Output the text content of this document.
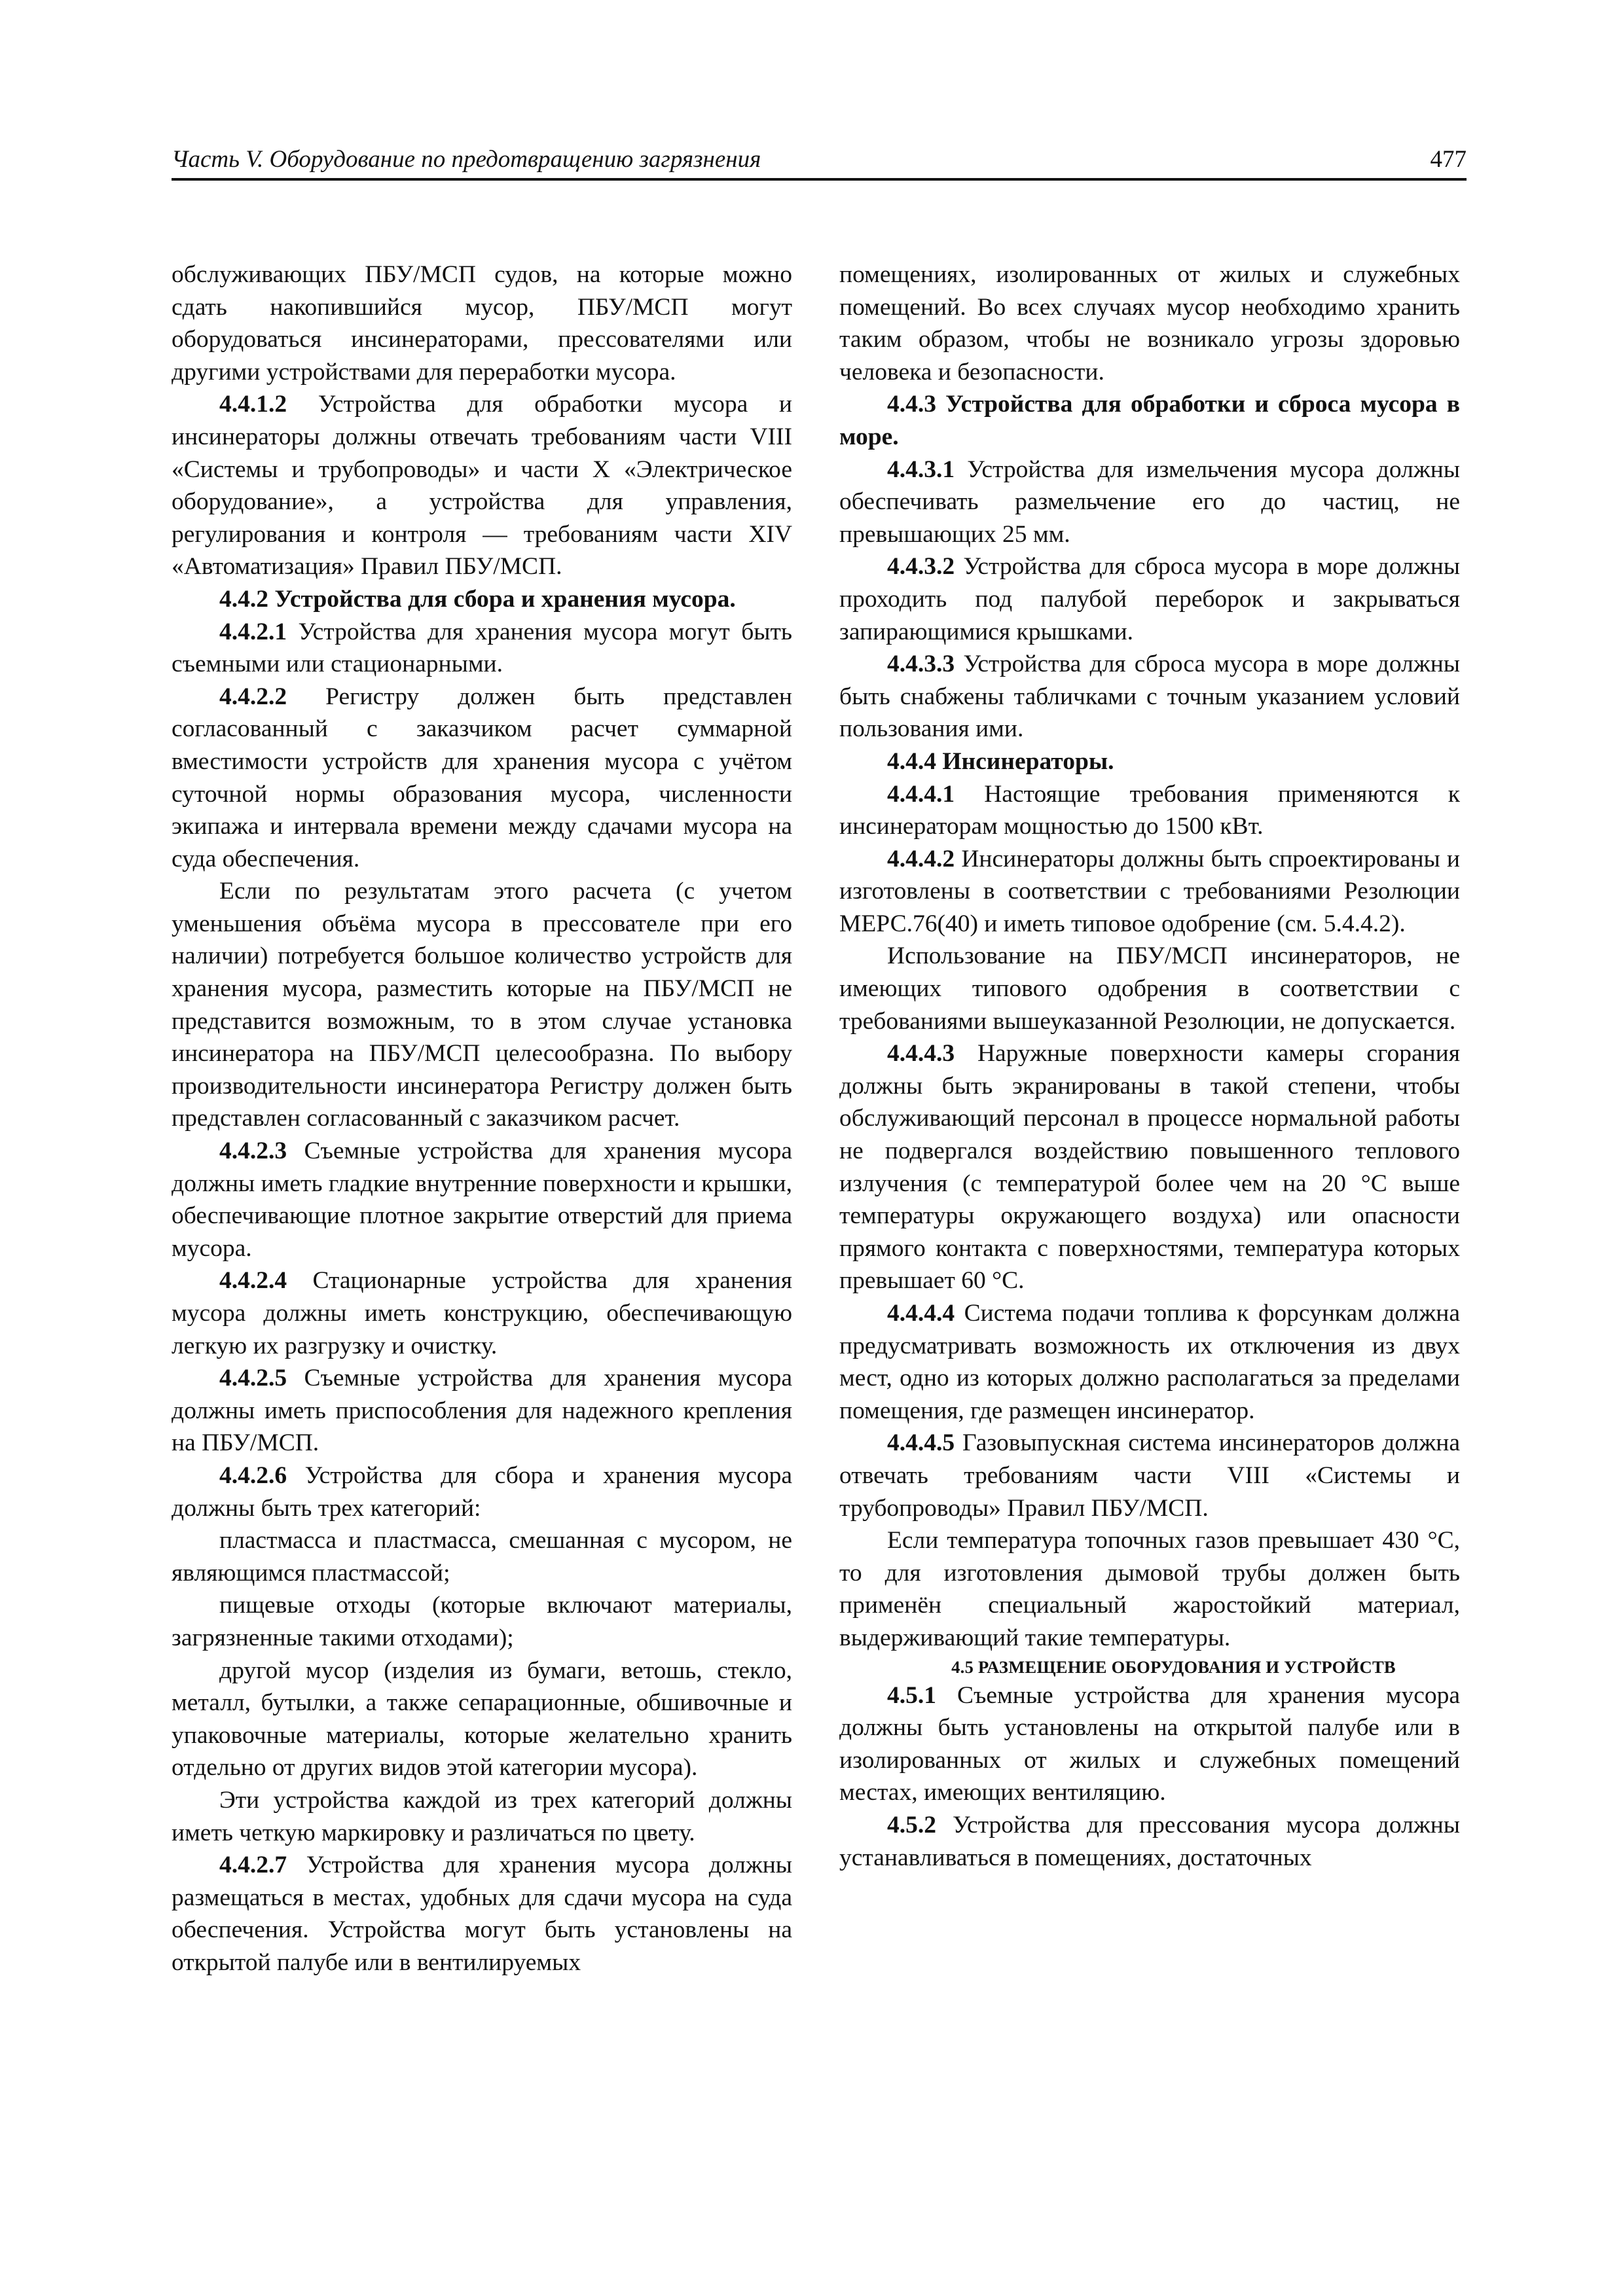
Часть V. Оборудование по предотвращению загрязнения	477

обслуживающих ПБУ/МСП судов, на которые можно сдать накопившийся мусор, ПБУ/МСП могут оборудоваться инсинераторами, прессователями или другими устройствами для переработки мусора.

4.4.1.2 Устройства для обработки мусора и инсинераторы должны отвечать требованиям части VIII «Системы и трубопроводы» и части X «Электрическое оборудование», а устройства для управления, регулирования и контроля — требованиям части XIV «Автоматизация» Правил ПБУ/МСП.

4.4.2 Устройства для сбора и хранения мусора.

4.4.2.1 Устройства для хранения мусора могут быть съемными или стационарными.

4.4.2.2 Регистру должен быть представлен согласованный с заказчиком расчет суммарной вместимости устройств для хранения мусора с учётом суточной нормы образования мусора, численности экипажа и интервала времени между сдачами мусора на суда обеспечения.

Если по результатам этого расчета (с учетом уменьшения объёма мусора в прессователе при его наличии) потребуется большое количество устройств для хранения мусора, разместить которые на ПБУ/МСП не представится возможным, то в этом случае установка инсинератора на ПБУ/МСП целесообразна. По выбору производительности инсинератора Регистру должен быть представлен согласованный с заказчиком расчет.

4.4.2.3 Съемные устройства для хранения мусора должны иметь гладкие внутренние поверхности и крышки, обеспечивающие плотное закрытие отверстий для приема мусора.

4.4.2.4 Стационарные устройства для хранения мусора должны иметь конструкцию, обеспечивающую легкую их разгрузку и очистку.

4.4.2.5 Съемные устройства для хранения мусора должны иметь приспособления для надежного крепления на ПБУ/МСП.

4.4.2.6 Устройства для сбора и хранения мусора должны быть трех категорий:

пластмасса и пластмасса, смешанная с мусором, не являющимся пластмассой;

пищевые отходы (которые включают материалы, загрязненные такими отходами);

другой мусор (изделия из бумаги, ветошь, стекло, металл, бутылки, а также сепарационные, обшивочные и упаковочные материалы, которые желательно хранить отдельно от других видов этой категории мусора).

Эти устройства каждой из трех категорий должны иметь четкую маркировку и различаться по цвету.

4.4.2.7 Устройства для хранения мусора должны размещаться в местах, удобных для сдачи мусора на суда обеспечения. Устройства могут быть установлены на открытой палубе или в вентилируемых

помещениях, изолированных от жилых и служебных помещений. Во всех случаях мусор необходимо хранить таким образом, чтобы не возникало угрозы здоровью человека и безопасности.

4.4.3 Устройства для обработки и сброса мусора в море.

4.4.3.1 Устройства для измельчения мусора должны обеспечивать размельчение его до частиц, не превышающих 25 мм.

4.4.3.2 Устройства для сброса мусора в море должны проходить под палубой переборок и закрываться запирающимися крышками.

4.4.3.3 Устройства для сброса мусора в море должны быть снабжены табличками с точным указанием условий пользования ими.

4.4.4 Инсинераторы.

4.4.4.1 Настоящие требования применяются к инсинераторам мощностью до 1500 кВт.

4.4.4.2 Инсинераторы должны быть спроектированы и изготовлены в соответствии с требованиями Резолюции МЕРС.76(40) и иметь типовое одобрение (см. 5.4.4.2).

Использование на ПБУ/МСП инсинераторов, не имеющих типового одобрения в соответствии с требованиями вышеуказанной Резолюции, не допускается.

4.4.4.3 Наружные поверхности камеры сгорания должны быть экранированы в такой степени, чтобы обслуживающий персонал в процессе нормальной работы не подвергался воздействию повышенного теплового излучения (с температурой более чем на 20 °С выше температуры окружающего воздуха) или опасности прямого контакта с поверхностями, температура которых превышает 60 °С.

4.4.4.4 Система подачи топлива к форсункам должна предусматривать возможность их отключения из двух мест, одно из которых должно располагаться за пределами помещения, где размещен инсинератор.

4.4.4.5 Газовыпускная система инсинераторов должна отвечать требованиям части VIII «Системы и трубопроводы» Правил ПБУ/МСП.

Если температура топочных газов превышает 430 °С, то для изготовления дымовой трубы должен быть применён специальный жаростойкий материал, выдерживающий такие температуры.

4.5 РАЗМЕЩЕНИЕ ОБОРУДОВАНИЯ И УСТРОЙСТВ

4.5.1 Съемные устройства для хранения мусора должны быть установлены на открытой палубе или в изолированных от жилых и служебных помещений местах, имеющих вентиляцию.

4.5.2 Устройства для прессования мусора должны устанавливаться в помещениях, достаточных
